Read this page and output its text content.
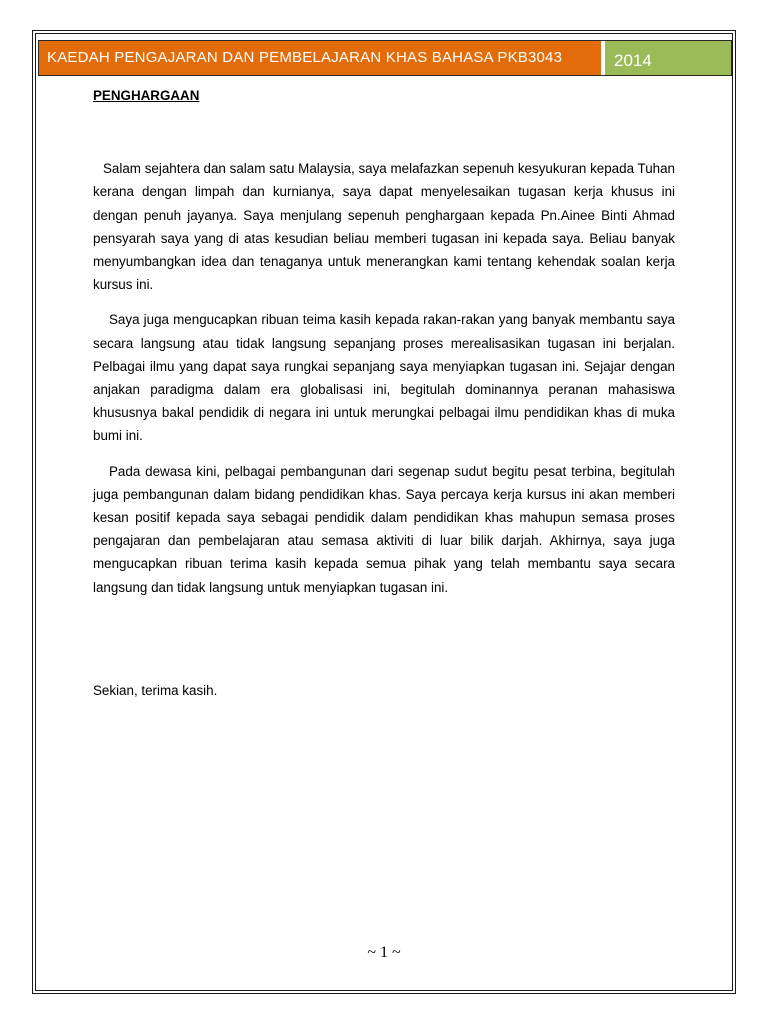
KAEDAH PENGAJARAN DAN PEMBELAJARAN KHAS BAHASA PKB3043	2014
PENGHARGAAN

Salam sejahtera dan salam satu Malaysia, saya melafazkan sepenuh kesyukuran kepada Tuhan kerana dengan limpah dan kurnianya, saya dapat menyelesaikan tugasan kerja khusus ini dengan penuh jayanya. Saya menjulang sepenuh penghargaan kepada Pn.Ainee Binti Ahmad pensyarah saya yang di atas kesudian beliau memberi tugasan ini kepada saya. Beliau banyak menyumbangkan idea dan tenaganya untuk menerangkan kami tentang kehendak soalan kerja kursus ini.

Saya juga mengucapkan ribuan teima kasih kepada rakan-rakan yang banyak membantu saya secara langsung atau tidak langsung sepanjang proses merealisasikan tugasan ini berjalan. Pelbagai ilmu yang dapat saya rungkai sepanjang saya menyiapkan tugasan ini. Sejajar dengan anjakan paradigma dalam era globalisasi ini, begitulah dominannya peranan mahasiswa khususnya bakal pendidik di negara ini untuk merungkai pelbagai ilmu pendidikan khas di muka bumi ini.

Pada dewasa kini, pelbagai pembangunan dari segenap sudut begitu pesat terbina, begitulah juga pembangunan dalam bidang pendidikan khas. Saya percaya kerja kursus ini akan memberi kesan positif kepada saya sebagai pendidik dalam pendidikan khas mahupun semasa proses pengajaran dan pembelajaran atau semasa aktiviti di luar bilik darjah. Akhirnya, saya juga mengucapkan ribuan terima kasih kepada semua pihak yang telah membantu saya secara langsung dan tidak langsung untuk menyiapkan tugasan ini.

Sekian, terima kasih.

~ 1 ~
